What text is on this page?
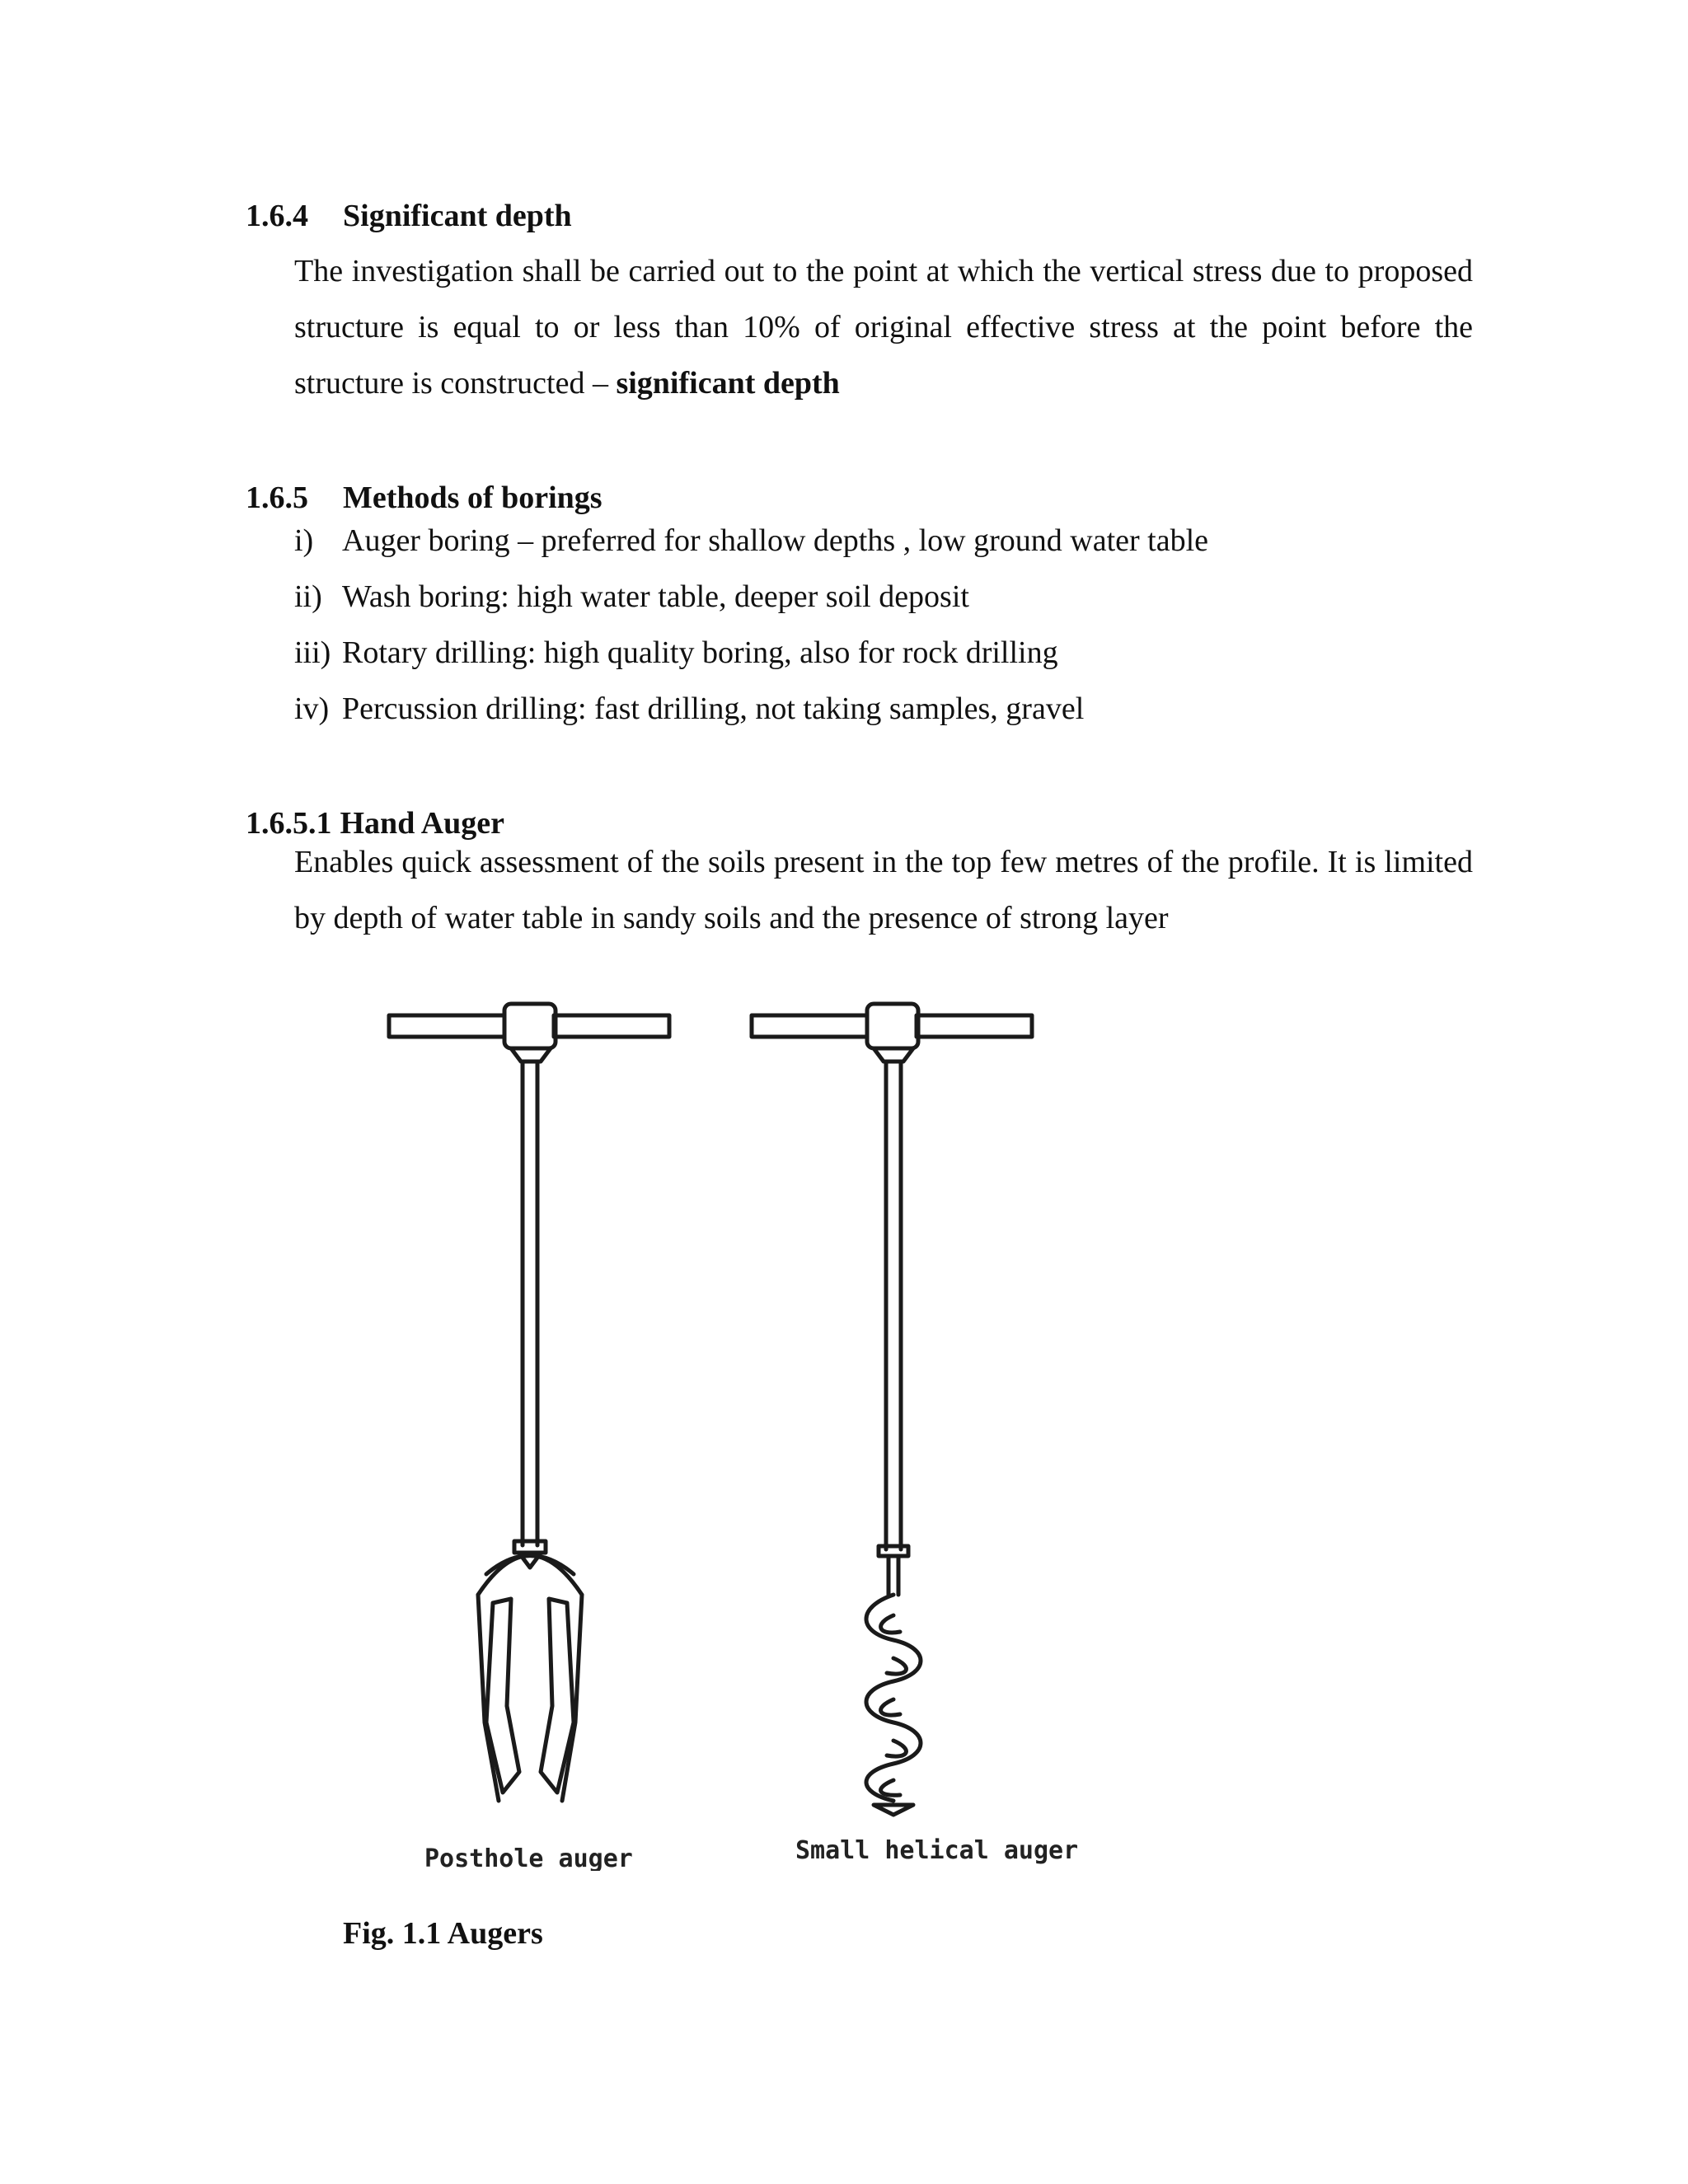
1.6.4 Significant depth
The investigation shall be carried out to the point at which the vertical stress due to proposed structure is equal to or less than 10% of original effective stress at the point before the structure is constructed – significant depth
1.6.5 Methods of borings
i) Auger boring – preferred for shallow depths , low ground water table
ii) Wash boring: high water table, deeper soil deposit
iii) Rotary drilling: high quality boring, also for rock drilling
iv) Percussion drilling: fast drilling, not taking samples, gravel
1.6.5.1 Hand Auger
Enables quick assessment of the soils present in the top few metres of the profile. It is limited by depth of water table in sandy soils and the presence of strong layer
Posthole auger	Small helical auger
Fig. 1.1 Augers
